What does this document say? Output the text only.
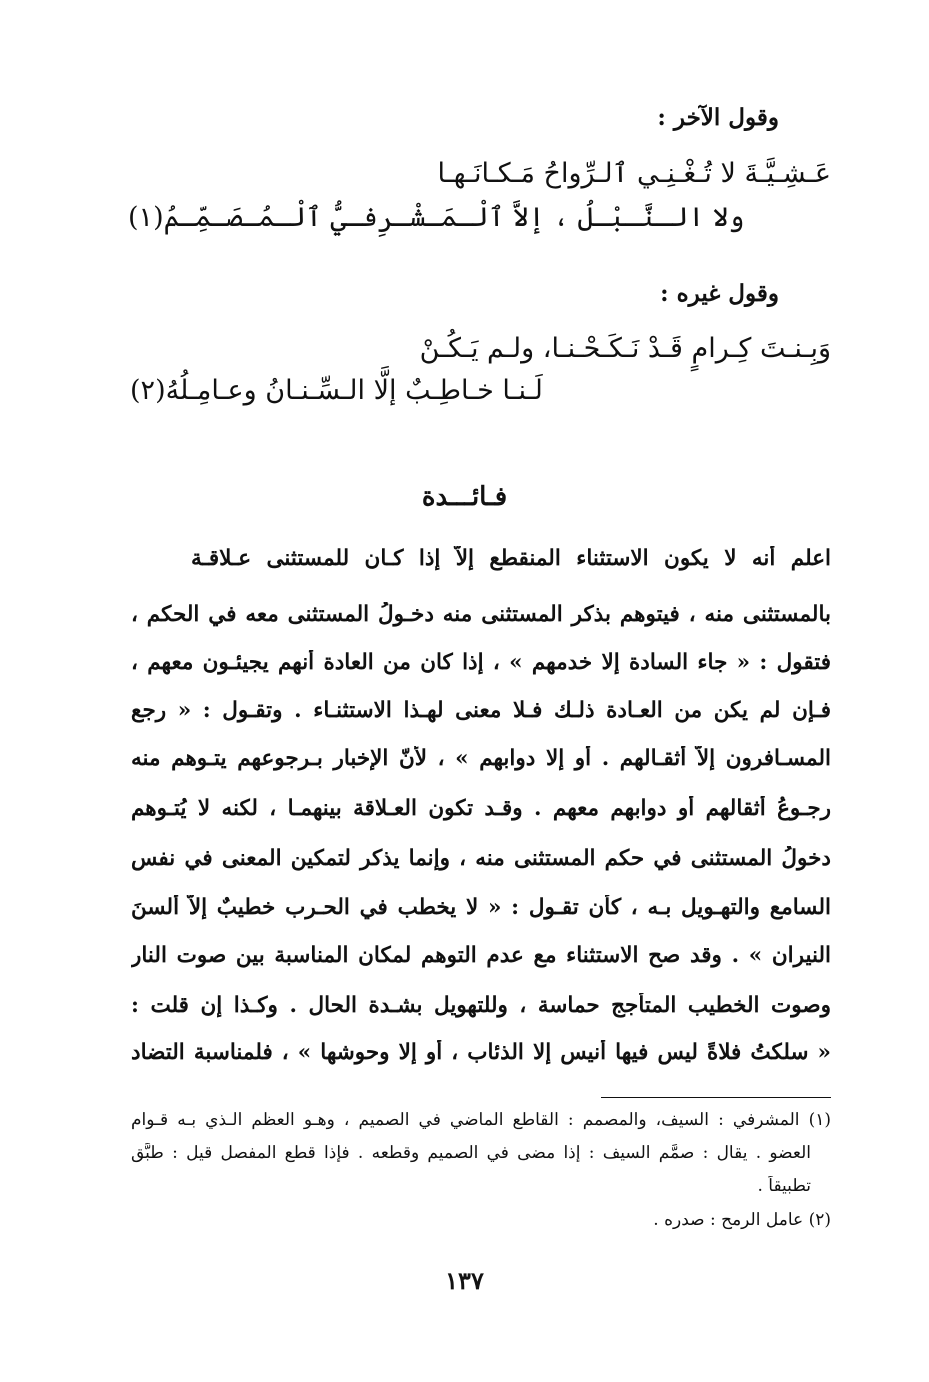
وقول الآخر :
عَـشِـيَّـةَ لا تُـغْـنِـي ٱلـرِّواحُ مَـكـانَـهـا
ولا الـنَّـبْـلُ ، إلاَّ ٱلْـمَـشْـرِفـيُّ ٱلْـمُـصَـمِّـمُ(١)
وقول غيره :
وَبِـنـتَ كِـرامٍ قَـدْ نَـكَـحْـنـا، ولـم يَـكُـنْ
لَـنـا خـاطِـبٌ إلَّا الـسِّـنـانُ وعـامِـلُهُ(٢)
فـائـــدة
اعلم أنه لا يكون الاستثناء المنقطع إلاَّ إذا كـان للمستثنى عـلاقـة
بالمستثنى منه ، فيتوهم بذكر المستثنى منه دخـولُ المستثنى معه في الحكم ،
فتقول : « جاء السادة إلا خدمهم » ، إذا كان من العادة أنهم يجيئـون معهم ،
فـإن لم يكن من العـادة ذلـك فـلا معنى لهـذا الاستثنـاء . وتقـول : « رجع
المسـافرون إلاَّ أثقـالهم . أو إلا دوابهم » ، لأنّ الإخبار بـرجوعهم يتـوهم منه
رجـوعُ أثقالهم أو دوابهم معهم . وقـد تكون العـلاقة بينهمـا ، لكنه لا يُتـوهم
دخولُ المستثنى في حكم المستثنى منه ، وإنما يذكر لتمكين المعنى في نفس
السامع والتهـويل بـه ، كأن تقـول : « لا يخطب في الحـرب خطيبٌ إلاَّ ألسنَ
النيران » . وقد صح الاستثناء مع عدم التوهم لمكان المناسبة بين صوت النار
وصوت الخطيب المتأجج حماسة ، وللتهويل بشـدة الحال . وكـذا إن قلت :
« سلكتُ فلاةً ليس فيها أنيس إلا الذئاب ، أو إلا وحوشها » ، فلمناسبة التضاد
(١) المشرفي : السيف، والمصمم : القاطع الماضي في الصميم ، وهـو العظم الـذي بـه قـوام
العضو . يقال : صمَّم السيف : إذا مضى في الصميم وقطعه . فإذا قطع المفصل قيل : طبَّق
تطبيقاً .
(٢) عامل الرمح : صدره .
١٣٧
